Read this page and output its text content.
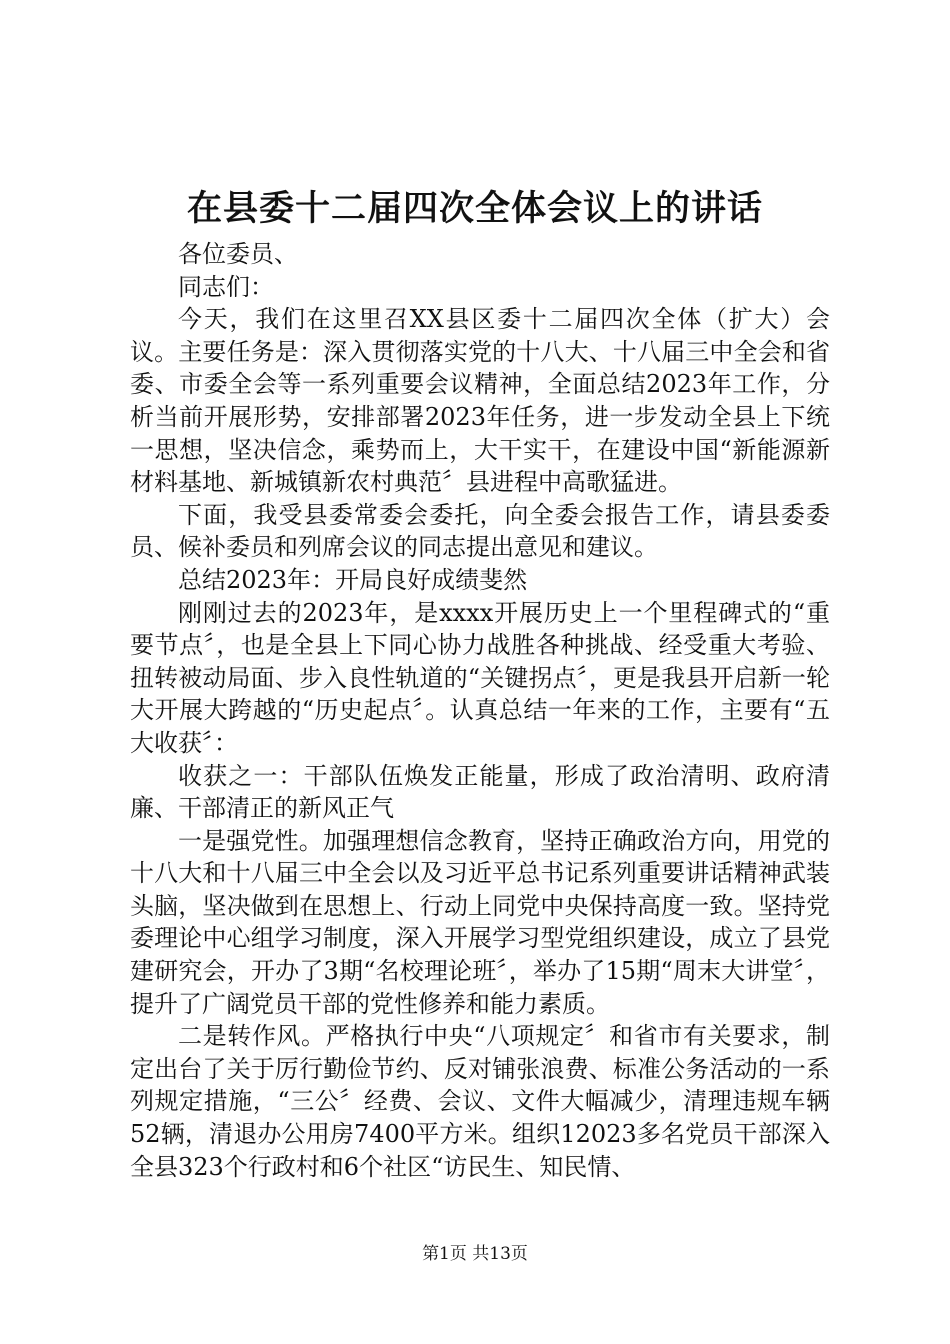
在县委十二届四次全体会议上的讲话

各位委员、

同志们：

今天，我们在这里召XX县区委十二届四次全体（扩大）会议。主要任务是：深入贯彻落实党的十八大、十八届三中全会和省委、市委全会等一系列重要会议精神，全面总结2023年工作，分析当前开展形势，安排部署2023年任务，进一步发动全县上下统一思想，坚决信念，乘势而上，大干实干，在建设中国“新能源新材料基地、新城镇新农村典范〞县进程中高歌猛进。

下面，我受县委常委会委托，向全委会报告工作，请县委委员、候补委员和列席会议的同志提出意见和建议。

总结2023年：开局良好成绩斐然

刚刚过去的2023年，是xxxx开展历史上一个里程碑式的“重要节点〞，也是全县上下同心协力战胜各种挑战、经受重大考验、扭转被动局面、步入良性轨道的“关键拐点〞，更是我县开启新一轮大开展大跨越的“历史起点〞。认真总结一年来的工作，主要有“五大收获〞：

收获之一：干部队伍焕发正能量，形成了政治清明、政府清廉、干部清正的新风正气

一是强党性。加强理想信念教育，坚持正确政治方向，用党的十八大和十八届三中全会以及习近平总书记系列重要讲话精神武装头脑，坚决做到在思想上、行动上同党中央保持高度一致。坚持党委理论中心组学习制度，深入开展学习型党组织建设，成立了县党建研究会，开办了3期“名校理论班〞，举办了15期“周末大讲堂〞，提升了广阔党员干部的党性修养和能力素质。

二是转作风。严格执行中央“八项规定〞和省市有关要求，制定出台了关于厉行勤俭节约、反对铺张浪费、标准公务活动的一系列规定措施，“三公〞经费、会议、文件大幅减少，清理违规车辆52辆，清退办公用房7400平方米。组织12023多名党员干部深入全县323个行政村和6个社区“访民生、知民情、

第1页 共13页
